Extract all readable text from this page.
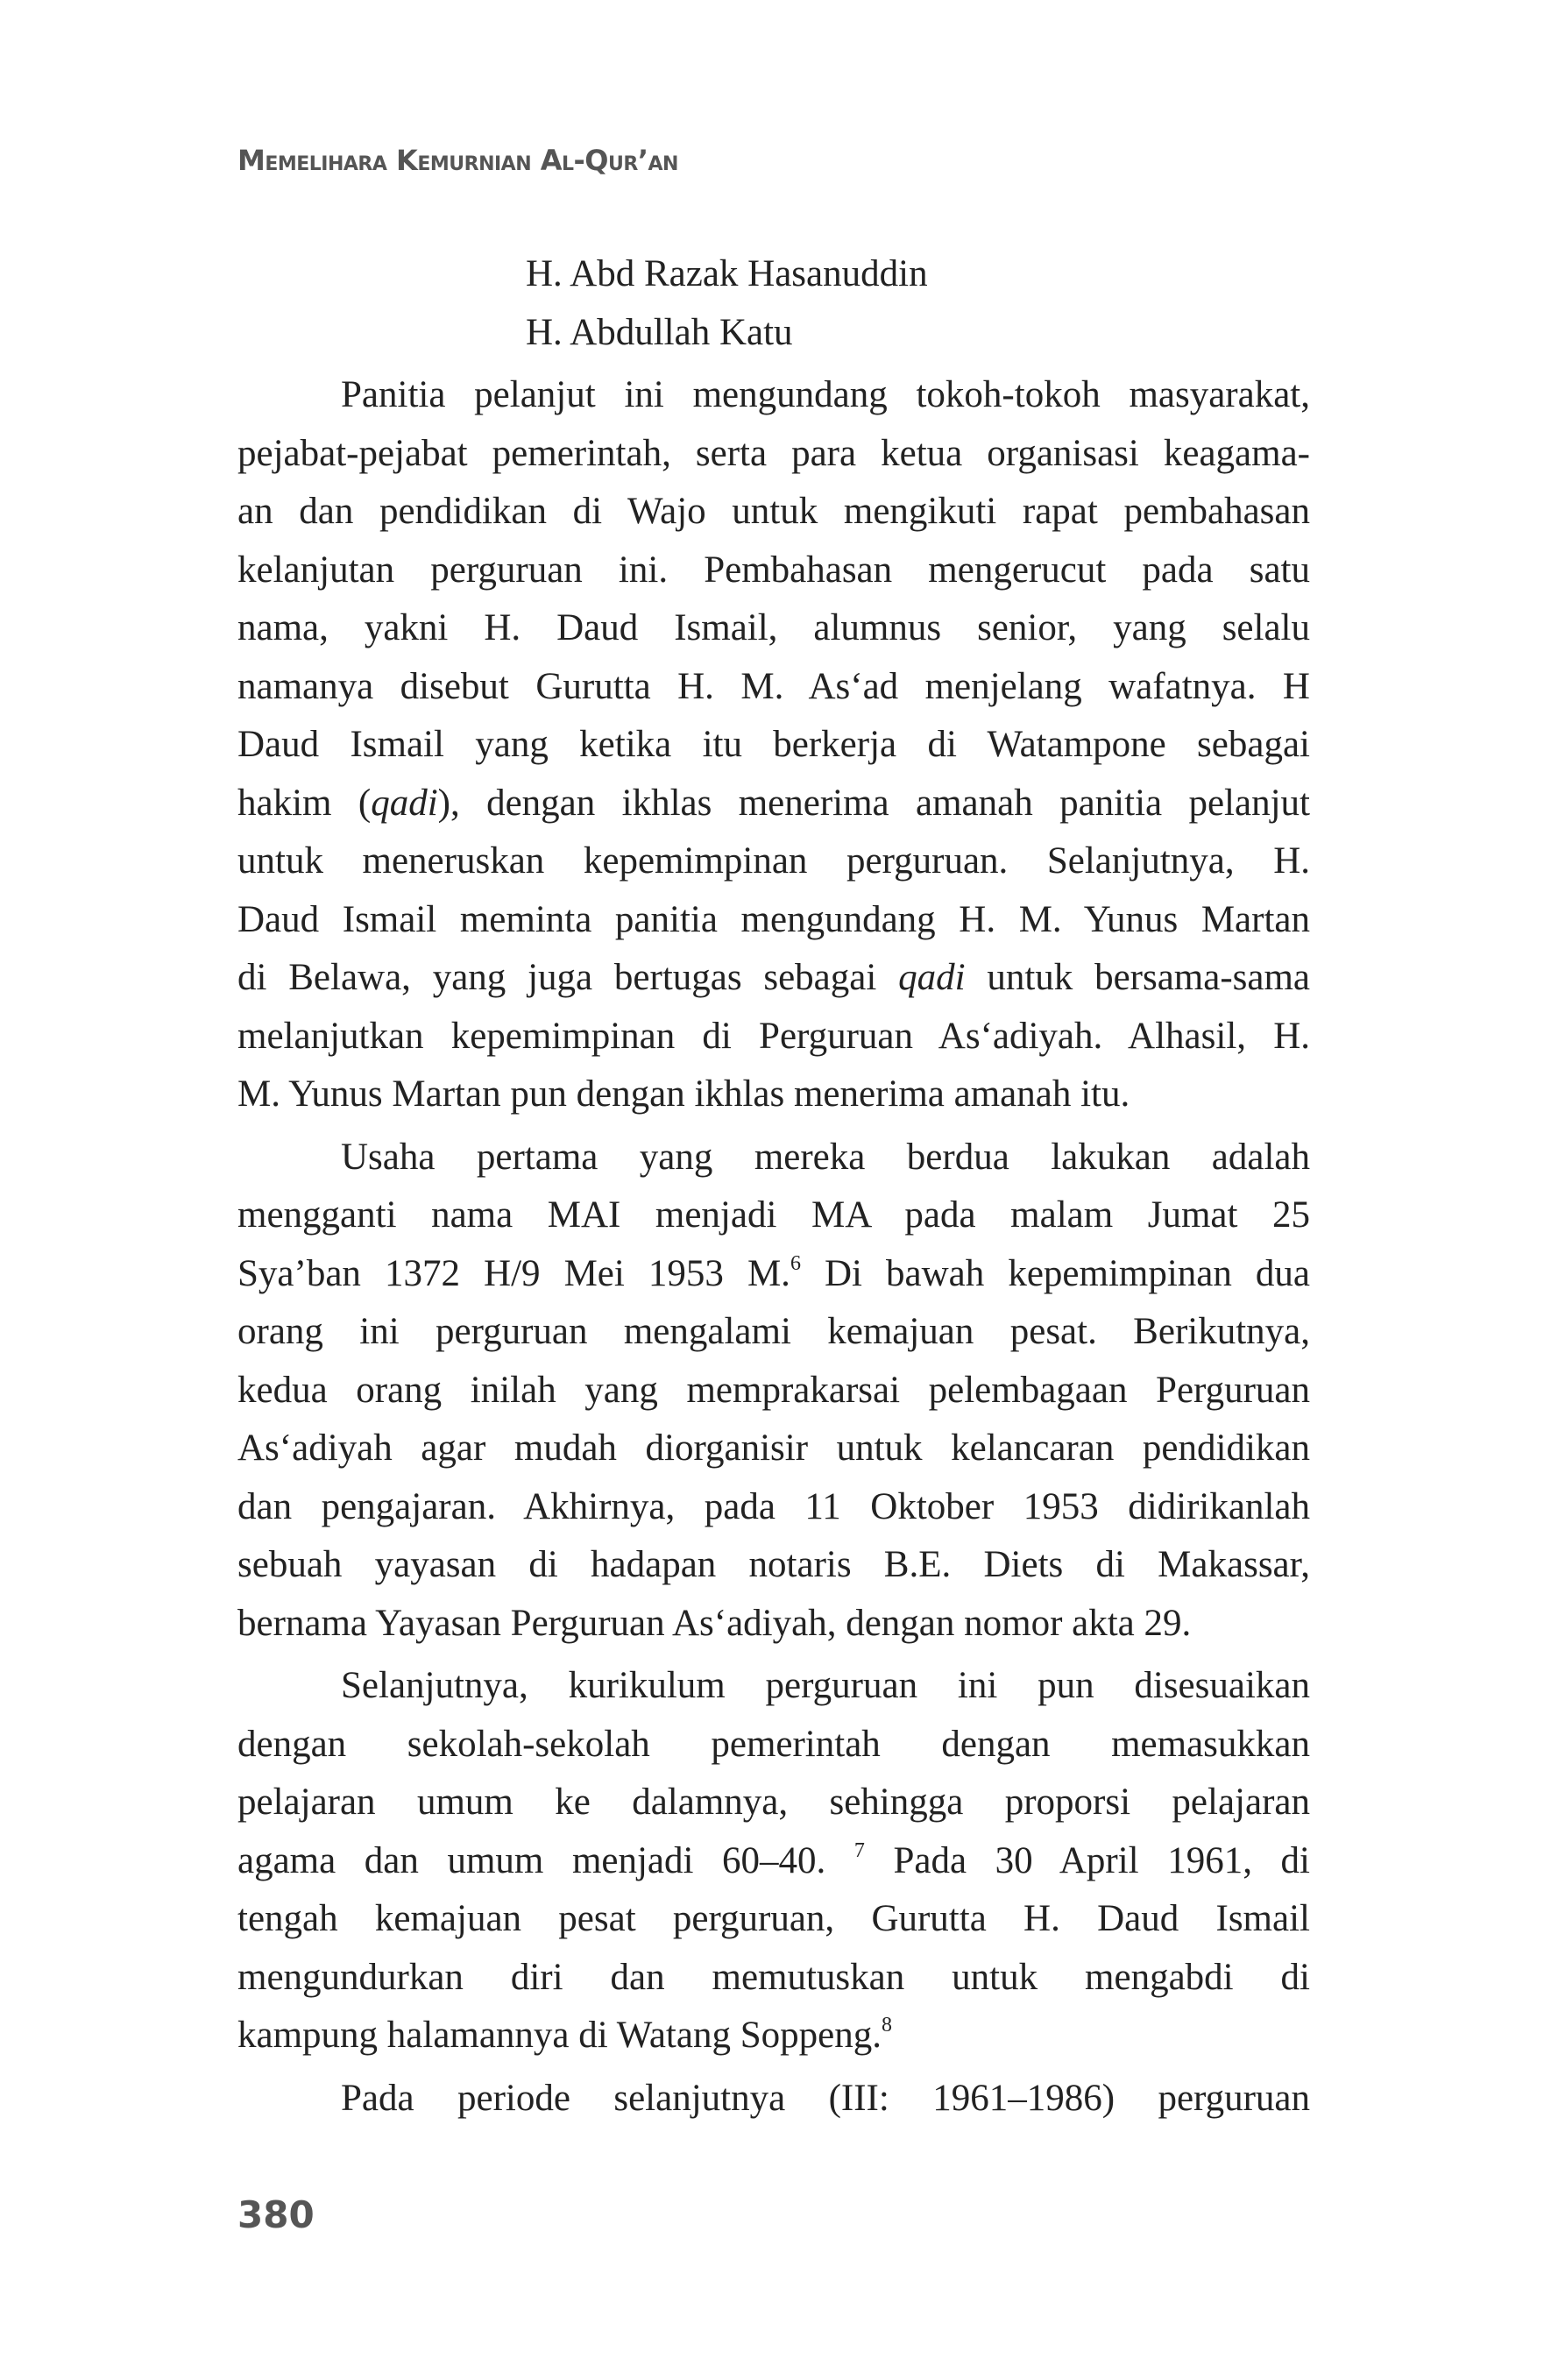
Memelihara Kemurnian Al-Qur’an
H. Abd Razak Hasanuddin
H. Abdullah Katu
Panitia pelanjut ini mengundang tokoh-tokoh masyarakat,
pejabat-pejabat pemerintah, serta para ketua organisasi keagama-
an dan pendidikan di Wajo untuk mengikuti rapat pembahasan
kelanjutan perguruan ini. Pembahasan mengerucut pada satu
nama, yakni H. Daud Ismail, alumnus senior, yang selalu
namanya disebut Gurutta H. M. As‘ad menjelang wafatnya. H
Daud Ismail yang ketika itu berkerja di Watampone sebagai
hakim (qadi), dengan ikhlas menerima amanah panitia pelanjut
untuk meneruskan kepemimpinan perguruan. Selanjutnya, H.
Daud Ismail meminta panitia mengundang H. M. Yunus Martan
di Belawa, yang juga bertugas sebagai qadi untuk bersama-sama
melanjutkan kepemimpinan di Perguruan As‘adiyah. Alhasil, H.
M. Yunus Martan pun dengan ikhlas menerima amanah itu.
Usaha pertama yang mereka berdua lakukan adalah
mengganti nama MAI menjadi MA pada malam Jumat 25
Sya’ban 1372 H/9 Mei 1953 M.$^6$ Di bawah kepemimpinan dua
orang ini perguruan mengalami kemajuan pesat. Berikutnya,
kedua orang inilah yang memprakarsai pelembagaan Perguruan
As‘adiyah agar mudah diorganisir untuk kelancaran pendidikan
dan pengajaran. Akhirnya, pada 11 Oktober 1953 didirikanlah
sebuah yayasan di hadapan notaris B.E. Diets di Makassar,
bernama Yayasan Perguruan As‘adiyah, dengan nomor akta 29.
Selanjutnya, kurikulum perguruan ini pun disesuaikan
dengan sekolah-sekolah pemerintah dengan memasukkan
pelajaran umum ke dalamnya, sehingga proporsi pelajaran
agama dan umum menjadi 60–40. $^7$ Pada 30 April 1961, di
tengah kemajuan pesat perguruan, Gurutta H. Daud Ismail
mengundurkan diri dan memutuskan untuk mengabdi di
kampung halamannya di Watang Soppeng.$^8$
Pada periode selanjutnya (III: 1961–1986) perguruan
380
